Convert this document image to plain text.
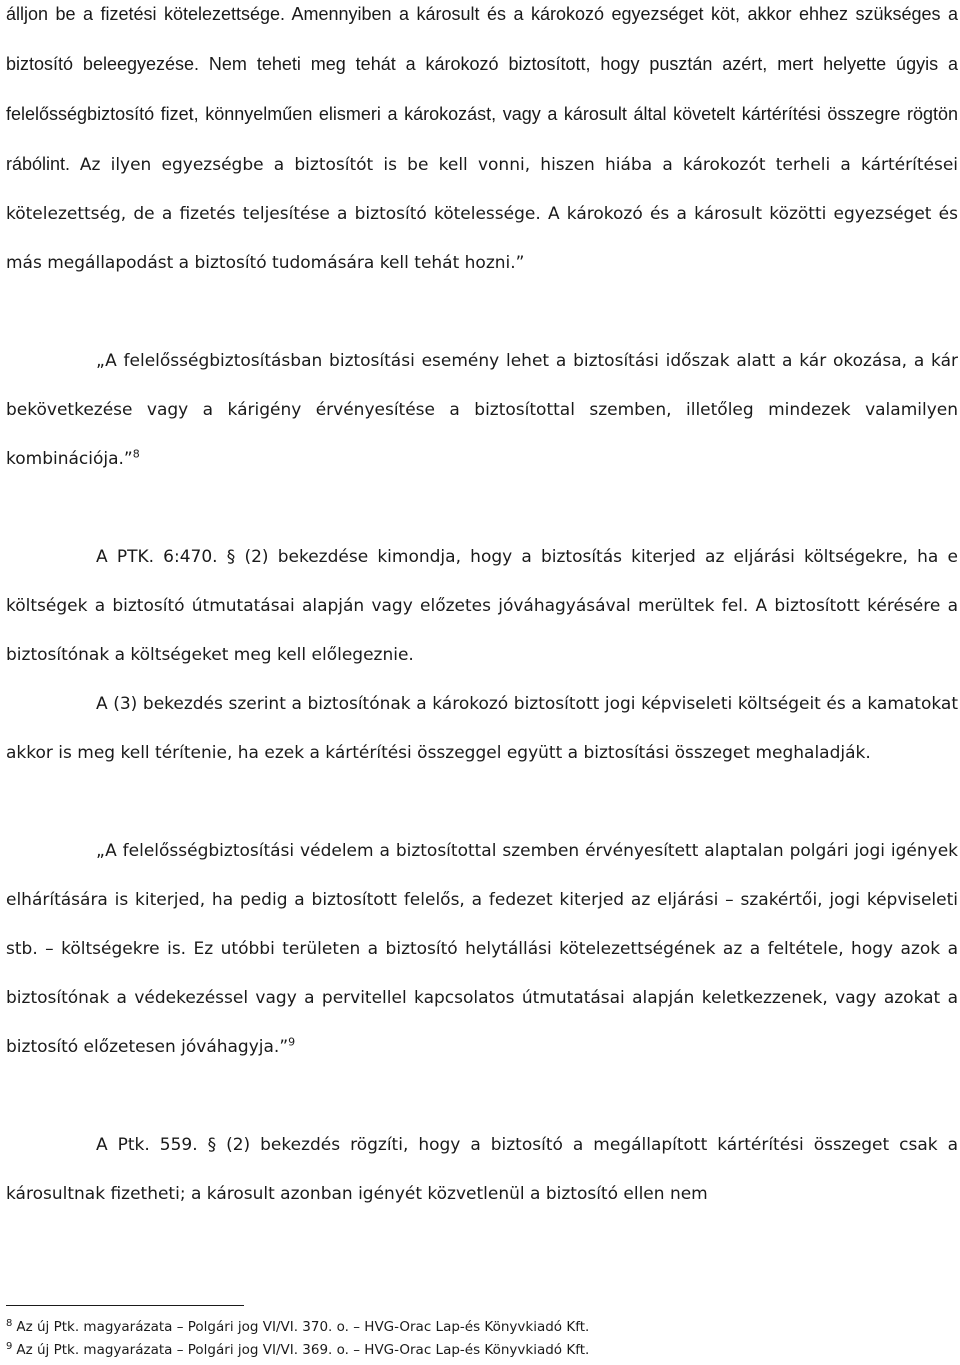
álljon be a fizetési kötelezettsége. Amennyiben a károsult és a károkozó egyezséget köt, akkor ehhez szükséges a biztosító beleegyezése. Nem teheti meg tehát a károkozó biztosított, hogy pusztán azért, mert helyette úgyis a felelősségbiztosító fizet, könnyelműen elismeri a károkozást, vagy a károsult által követelt kártérítési összegre rögtön rábólint. Az ilyen egyezségbe a biztosítót is be kell vonni, hiszen hiába a károkozót terheli a kártérítései kötelezettség, de a fizetés teljesítése a biztosító kötelessége. A károkozó és a károsult közötti egyezséget és más megállapodást a biztosító tudomására kell tehát hozni.”

„A felelősségbiztosításban biztosítási esemény lehet a biztosítási időszak alatt a kár okozása, a kár bekövetkezése vagy a kárigény érvényesítése a biztosítottal szemben, illetőleg mindezek valamilyen kombinációja.”$^8$

A PTK. 6:470. § (2) bekezdése kimondja, hogy a biztosítás kiterjed az eljárási költségekre, ha e költségek a biztosító útmutatásai alapján vagy előzetes jóváhagyásával merültek fel. A biztosított kérésére a biztosítónak a költségeket meg kell előlegeznie.

A (3) bekezdés szerint a biztosítónak a károkozó biztosított jogi képviseleti költségeit és a kamatokat akkor is meg kell térítenie, ha ezek a kártérítési összeggel együtt a biztosítási összeget meghaladják.

„A felelősségbiztosítási védelem a biztosítottal szemben érvényesített alaptalan polgári jogi igények elhárítására is kiterjed, ha pedig a biztosított felelős, a fedezet kiterjed az eljárási – szakértői, jogi képviseleti stb. – költségekre is. Ez utóbbi területen a biztosító helytállási kötelezettségének az a feltétele, hogy azok a biztosítónak a védekezéssel vagy a pervitellel kapcsolatos útmutatásai alapján keletkezzenek, vagy azokat a biztosító előzetesen jóváhagyja.”$^9$

A Ptk. 559. § (2) bekezdés rögzíti, hogy a biztosító a megállapított kártérítési összeget csak a károsultnak fizetheti; a károsult azonban igényét közvetlenül a biztosító ellen nem

$^8$ Az új Ptk. magyarázata – Polgári jog VI/VI. 370. o. – HVG-Orac Lap-és Könyvkiadó Kft.

$^9$ Az új Ptk. magyarázata – Polgári jog VI/VI. 369. o. – HVG-Orac Lap-és Könyvkiadó Kft.
